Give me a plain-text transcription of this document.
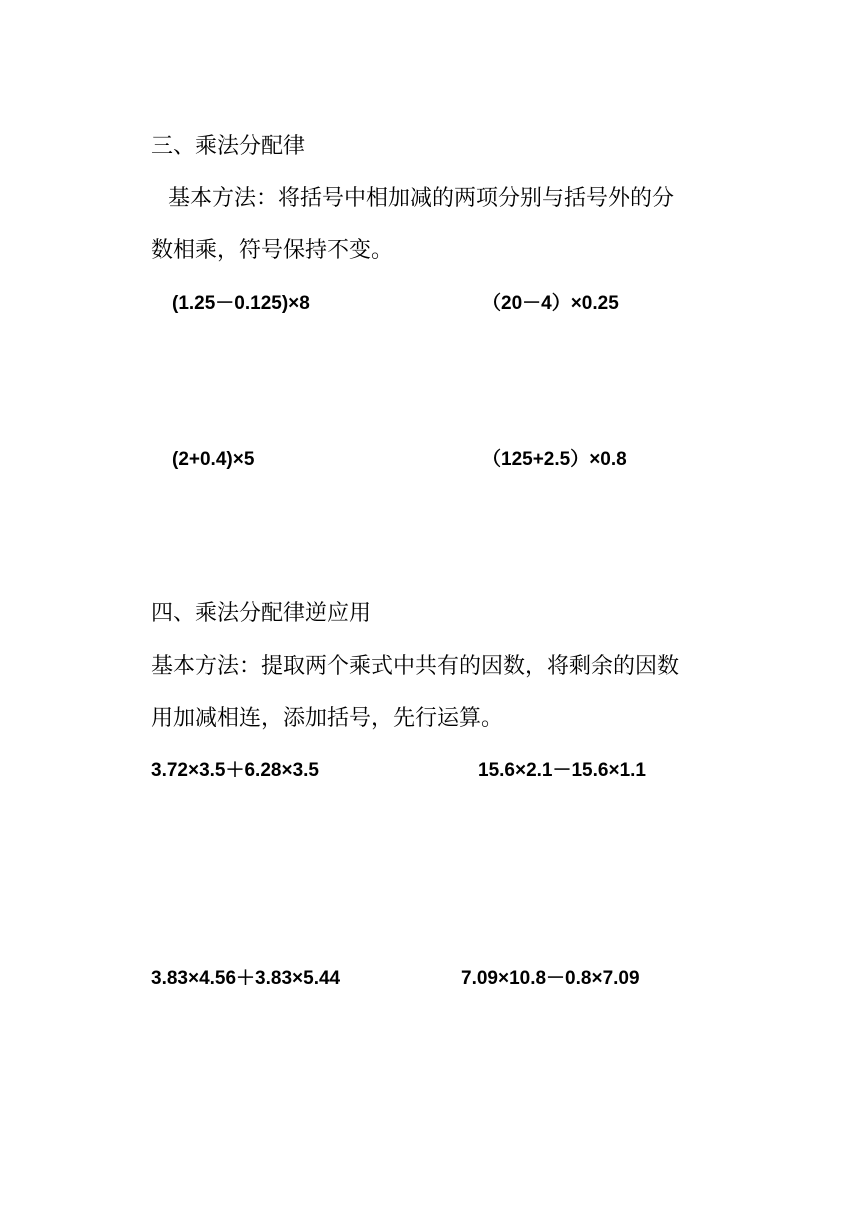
三、乘法分配律
基本方法：将括号中相加减的两项分别与括号外的分
数相乘，符号保持不变。
(1.25－0.125)×8	（20－4）×0.25
(2+0.4)×5	（125+2.5）×0.8
四、乘法分配律逆应用
基本方法：提取两个乘式中共有的因数，将剩余的因数
用加减相连，添加括号，先行运算。
3.72×3.5＋6.28×3.5	15.6×2.1－15.6×1.1
3.83×4.56＋3.83×5.44	7.09×10.8－0.8×7.09
